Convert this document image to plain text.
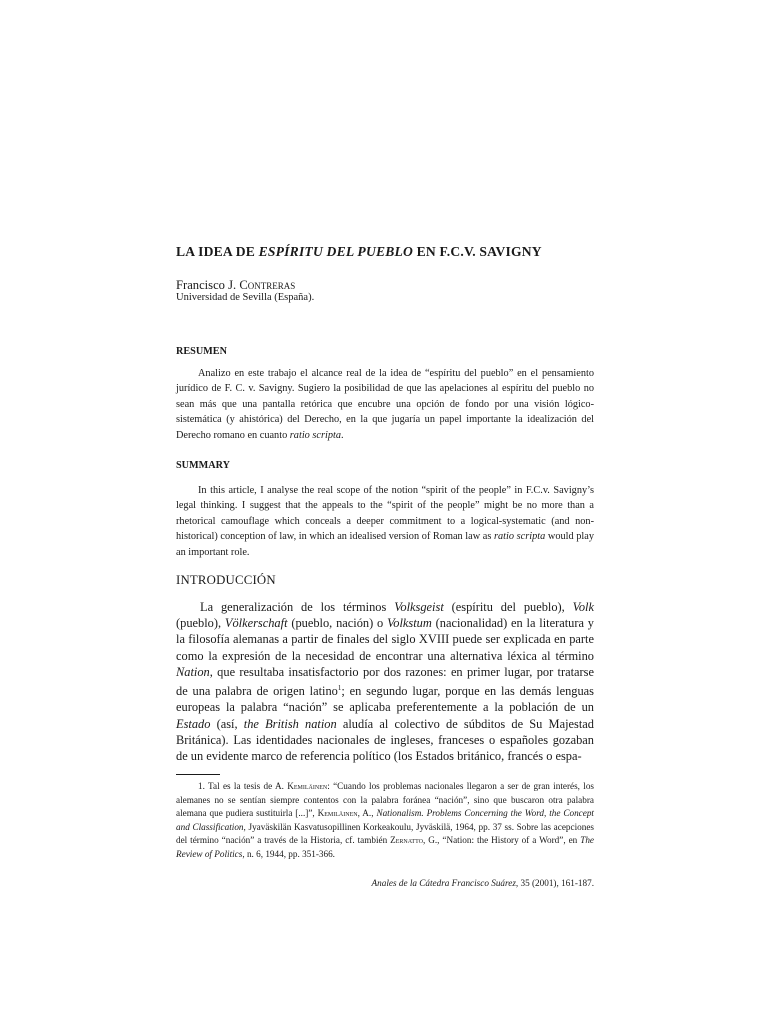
LA IDEA DE ESPÍRITU DEL PUEBLO EN F.C.V. SAVIGNY
Francisco J. Contreras
Universidad de Sevilla (España).
RESUMEN

Analizo en este trabajo el alcance real de la idea de “espíritu del pueblo” en el pensamiento jurídico de F. C. v. Savigny. Sugiero la posibilidad de que las apelaciones al espíritu del pueblo no sean más que una pantalla retórica que encubre una opción de fondo por una visión lógico-sistemática (y ahistórica) del Derecho, en la que jugaría un papel importante la idealización del Derecho romano en cuanto ratio scripta.

SUMMARY

In this article, I analyse the real scope of the notion “spirit of the people” in F.C.v. Savigny’s legal thinking. I suggest that the appeals to the “spirit of the people” might be no more than a rhetorical camouflage which conceals a deeper commitment to a logical-systematic (and non-historical) conception of law, in which an idealised version of Roman law as ratio scripta would play an important role.

INTRODUCCIÓN

La generalización de los términos Volksgeist (espíritu del pueblo), Volk (pueblo), Völkerschaft (pueblo, nación) o Volkstum (nacionalidad) en la literatura y la filosofía alemanas a partir de finales del siglo XVIII puede ser explicada en parte como la expresión de la necesidad de encontrar una alternativa léxica al término Nation, que resultaba insatisfactorio por dos razones: en primer lugar, por tratarse de una palabra de origen latino$^1$; en segundo lugar, porque en las demás lenguas europeas la palabra “nación” se aplicaba preferentemente a la población de un Estado (así, the British nation aludía al colectivo de súbditos de Su Majestad Británica). Las identidades nacionales de ingleses, franceses o españoles gozaban de un evidente marco de referencia político (los Estados británico, francés o espa-

1. Tal es la tesis de A. Kemiläinen: “Cuando los problemas nacionales llegaron a ser de gran interés, los alemanes no se sentían siempre contentos con la palabra foránea “nación”, sino que buscaron otra palabra alemana que pudiera sustituirla [...]”, Kemiläinen, A., Nationalism. Problems Concerning the Word, the Concept and Classification, Jyaväskilän Kasvatusopillinen Korkeakoulu, Jyväskilä, 1964, pp. 37 ss. Sobre las acepciones del término “nación” a través de la Historia, cf. también Zernatto, G., “Nation: the History of a Word”, en The Review of Politics, n. 6, 1944, pp. 351-366.

Anales de la Cátedra Francisco Suárez, 35 (2001), 161-187.
